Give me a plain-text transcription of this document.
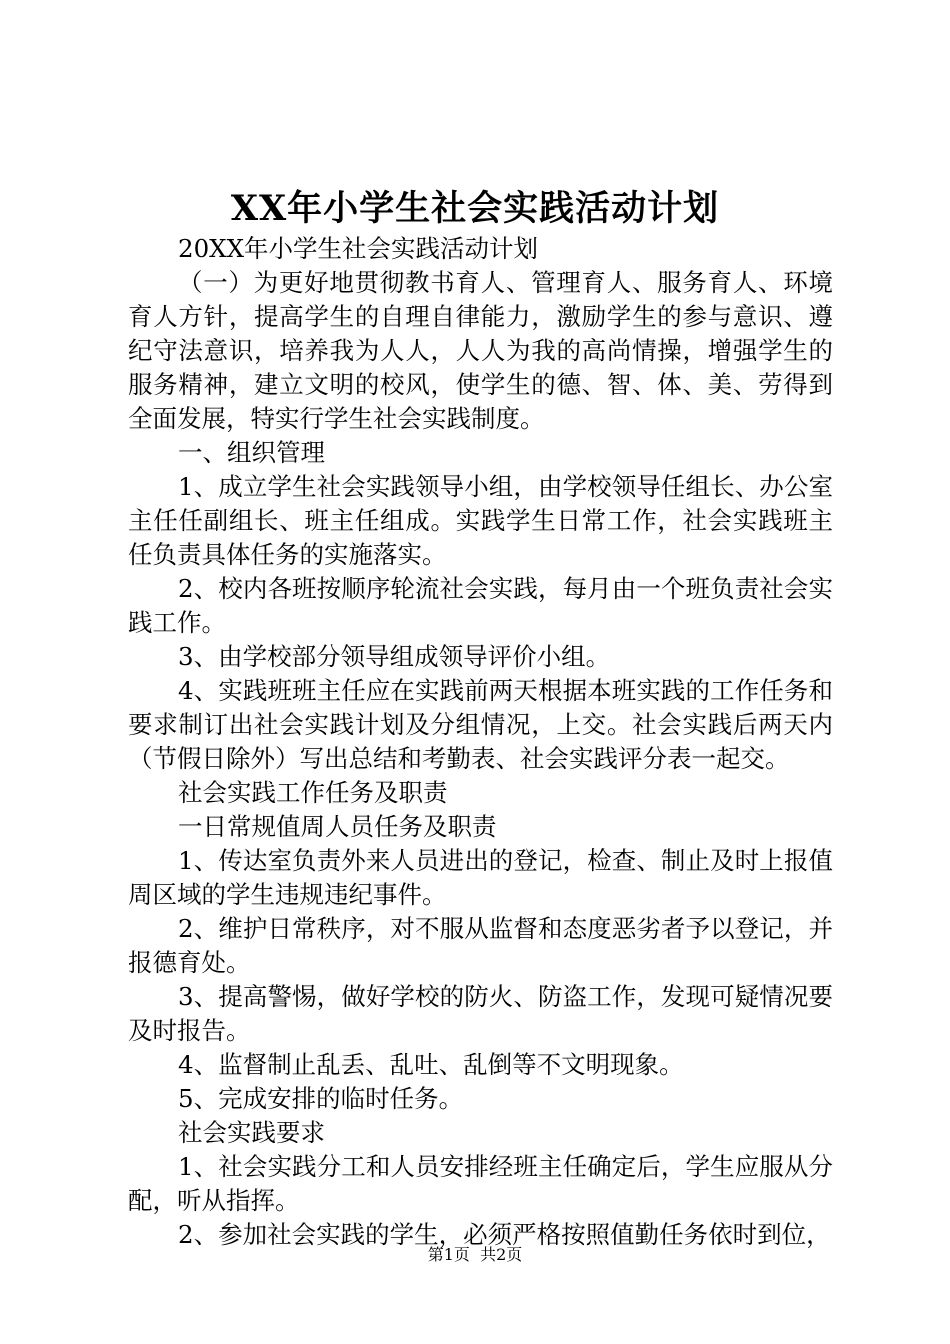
XX年小学生社会实践活动计划

20XX年小学生社会实践活动计划

（一）为更好地贯彻教书育人、管理育人、服务育人、环境育人方针，提高学生的自理自律能力，激励学生的参与意识、遵纪守法意识，培养我为人人，人人为我的高尚情操，增强学生的服务精神，建立文明的校风，使学生的德、智、体、美、劳得到全面发展，特实行学生社会实践制度。

一、组织管理

1、成立学生社会实践领导小组，由学校领导任组长、办公室主任任副组长、班主任组成。实践学生日常工作，社会实践班主任负责具体任务的实施落实。

2、校内各班按顺序轮流社会实践，每月由一个班负责社会实践工作。

3、由学校部分领导组成领导评价小组。

4、实践班班主任应在实践前两天根据本班实践的工作任务和要求制订出社会实践计划及分组情况，上交。社会实践后两天内（节假日除外）写出总结和考勤表、社会实践评分表一起交。

社会实践工作任务及职责

一日常规值周人员任务及职责

1、传达室负责外来人员进出的登记，检查、制止及时上报值周区域的学生违规违纪事件。

2、维护日常秩序，对不服从监督和态度恶劣者予以登记，并报德育处。

3、提高警惕，做好学校的防火、防盗工作，发现可疑情况要及时报告。

4、监督制止乱丢、乱吐、乱倒等不文明现象。

5、完成安排的临时任务。

社会实践要求

1、社会实践分工和人员安排经班主任确定后，学生应服从分配，听从指挥。

2、参加社会实践的学生，必须严格按照值勤任务依时到位，

第1页  共2页
